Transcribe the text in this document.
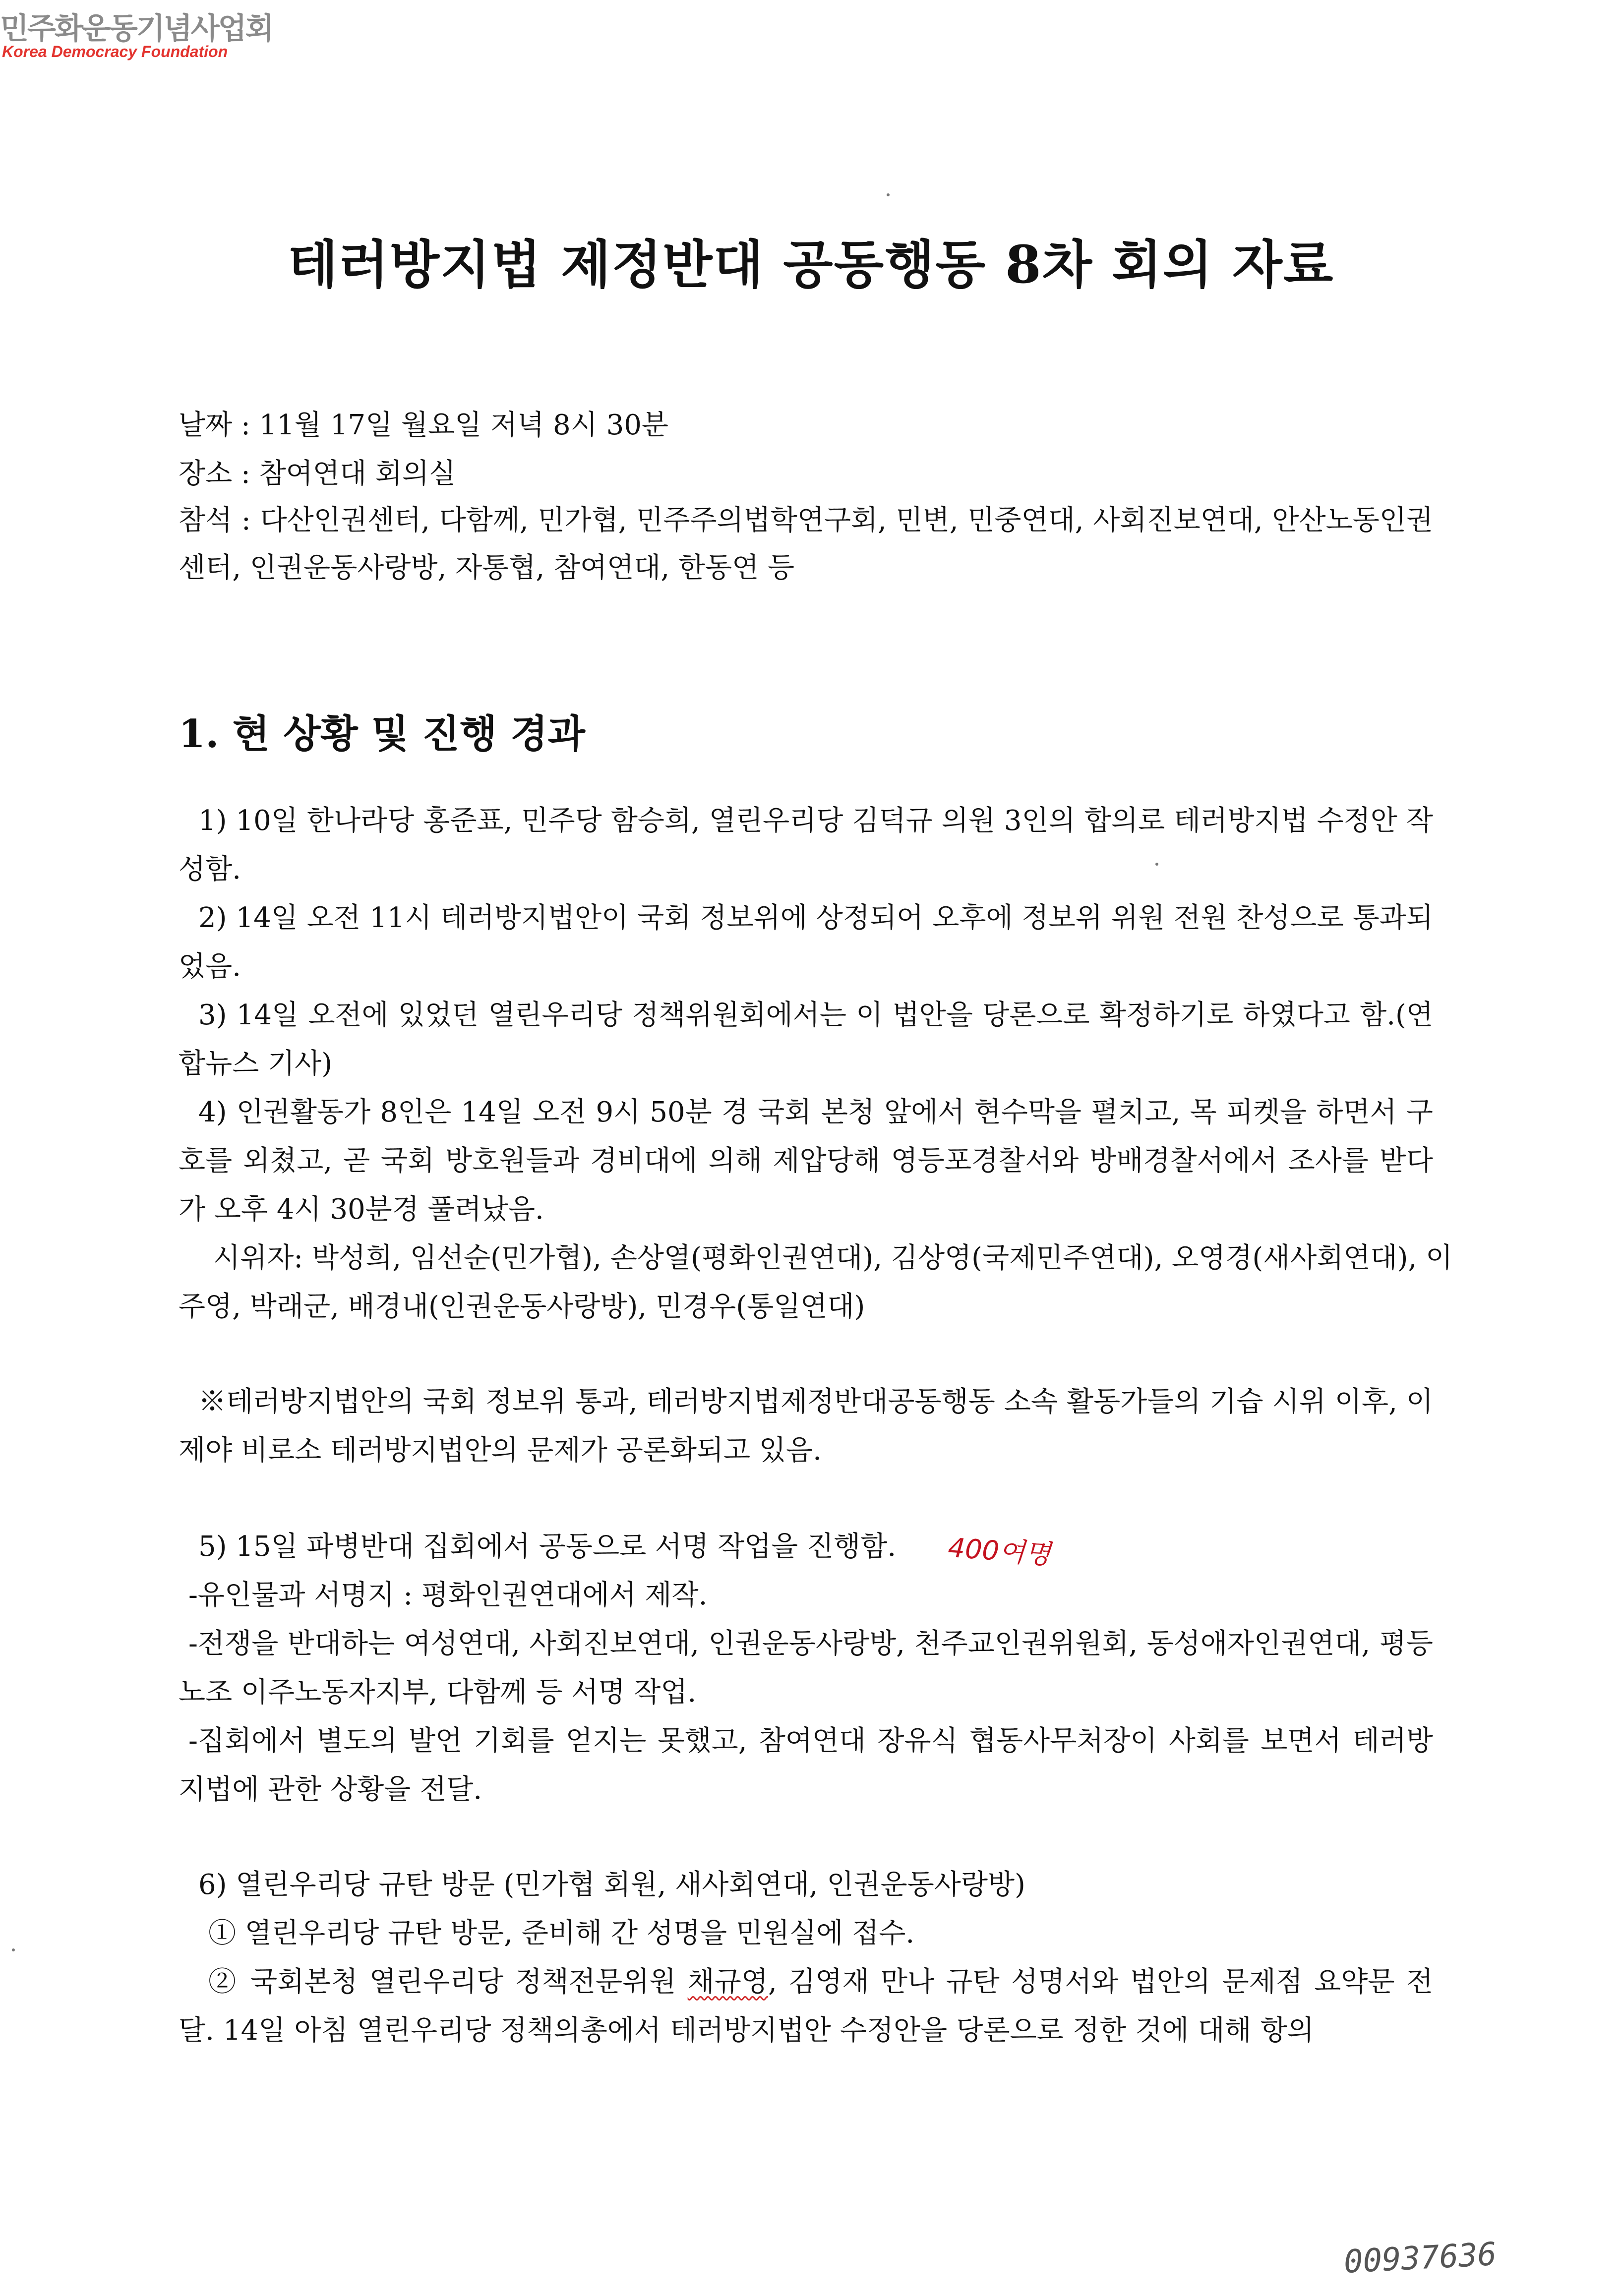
민주화운동기념사업회
Korea Democracy Foundation
테러방지법 제정반대 공동행동 8차 회의 자료
날짜 : 11월 17일 월요일 저녁 8시 30분
장소 : 참여연대 회의실
참석 : 다산인권센터, 다함께, 민가협, 민주주의법학연구회, 민변, 민중연대, 사회진보연대, 안산노동인권
센터, 인권운동사랑방, 자통협, 참여연대, 한동연 등
1. 현 상황 및 진행 경과
1) 10일 한나라당 홍준표, 민주당 함승희, 열린우리당 김덕규 의원 3인의 합의로 테러방지법 수정안 작
성함.
2) 14일 오전 11시 테러방지법안이 국회 정보위에 상정되어 오후에 정보위 위원 전원 찬성으로 통과되
었음.
3) 14일 오전에 있었던 열린우리당 정책위원회에서는 이 법안을 당론으로 확정하기로 하였다고 함.(연
합뉴스 기사)
4) 인권활동가 8인은 14일 오전 9시 50분 경 국회 본청 앞에서 현수막을 펼치고, 목 피켓을 하면서 구
호를 외쳤고, 곧 국회 방호원들과 경비대에 의해 제압당해 영등포경찰서와 방배경찰서에서 조사를 받다
가 오후 4시 30분경 풀려났음.
시위자: 박성희, 임선순(민가협), 손상열(평화인권연대), 김상영(국제민주연대), 오영경(새사회연대), 이
주영, 박래군, 배경내(인권운동사랑방), 민경우(통일연대)
※테러방지법안의 국회 정보위 통과, 테러방지법제정반대공동행동 소속 활동가들의 기습 시위 이후, 이
제야 비로소 테러방지법안의 문제가 공론화되고 있음.
5) 15일 파병반대 집회에서 공동으로 서명 작업을 진행함. 400여명
-유인물과 서명지 : 평화인권연대에서 제작.
-전쟁을 반대하는 여성연대, 사회진보연대, 인권운동사랑방, 천주교인권위원회, 동성애자인권연대, 평등
노조 이주노동자지부, 다함께 등 서명 작업.
-집회에서 별도의 발언 기회를 얻지는 못했고, 참여연대 장유식 협동사무처장이 사회를 보면서 테러방
지법에 관한 상황을 전달.
6) 열린우리당 규탄 방문 (민가협 회원, 새사회연대, 인권운동사랑방)
① 열린우리당 규탄 방문, 준비해 간 성명을 민원실에 접수.
② 국회본청 열린우리당 정책전문위원 채규영, 김영재 만나 규탄 성명서와 법안의 문제점 요약문 전
달. 14일 아침 열린우리당 정책의총에서 테러방지법안 수정안을 당론으로 정한 것에 대해 항의
00937636
